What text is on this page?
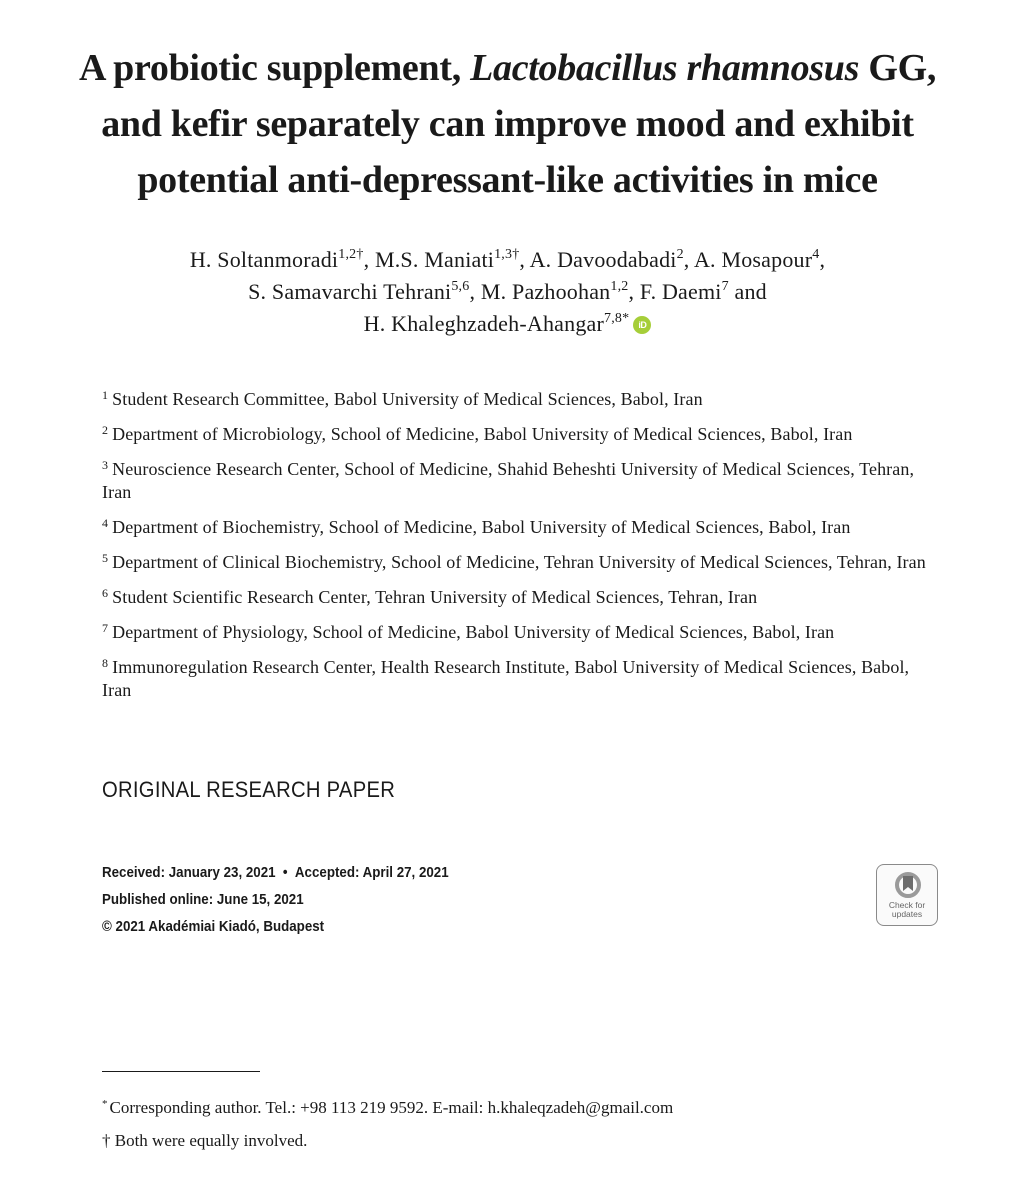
A probiotic supplement, Lactobacillus rhamnosus GG,
and kefir separately can improve mood and exhibit
potential anti-depressant-like activities in mice
H. Soltanmoradi$^{1,2\dagger}$, M.S. Maniati$^{1,3\dagger}$, A. Davoodabadi$^2$, A. Mosapour$^4$,
S. Samavarchi Tehrani$^{5,6}$, M. Pazhoohan$^{1,2}$, F. Daemi$^7$ and
H. Khaleghzadeh-Ahangar$^{7,8*}$ iD
$^1$ Student Research Committee, Babol University of Medical Sciences, Babol, Iran
$^2$ Department of Microbiology, School of Medicine, Babol University of Medical Sciences, Babol, Iran
$^3$ Neuroscience Research Center, School of Medicine, Shahid Beheshti University of Medical Sciences, Tehran, Iran
$^4$ Department of Biochemistry, School of Medicine, Babol University of Medical Sciences, Babol, Iran
$^5$ Department of Clinical Biochemistry, School of Medicine, Tehran University of Medical Sciences, Tehran, Iran
$^6$ Student Scientific Research Center, Tehran University of Medical Sciences, Tehran, Iran
$^7$ Department of Physiology, School of Medicine, Babol University of Medical Sciences, Babol, Iran
$^8$ Immunoregulation Research Center, Health Research Institute, Babol University of Medical Sciences, Babol, Iran
ORIGINAL RESEARCH PAPER
Received: January 23, 2021 • Accepted: April 27, 2021
Published online: June 15, 2021
© 2021 Akadémiai Kiadó, Budapest
Check for
updates
* Corresponding author. Tel.: +98 113 219 9592. E-mail: h.khaleqzadeh@gmail.com
† Both were equally involved.
